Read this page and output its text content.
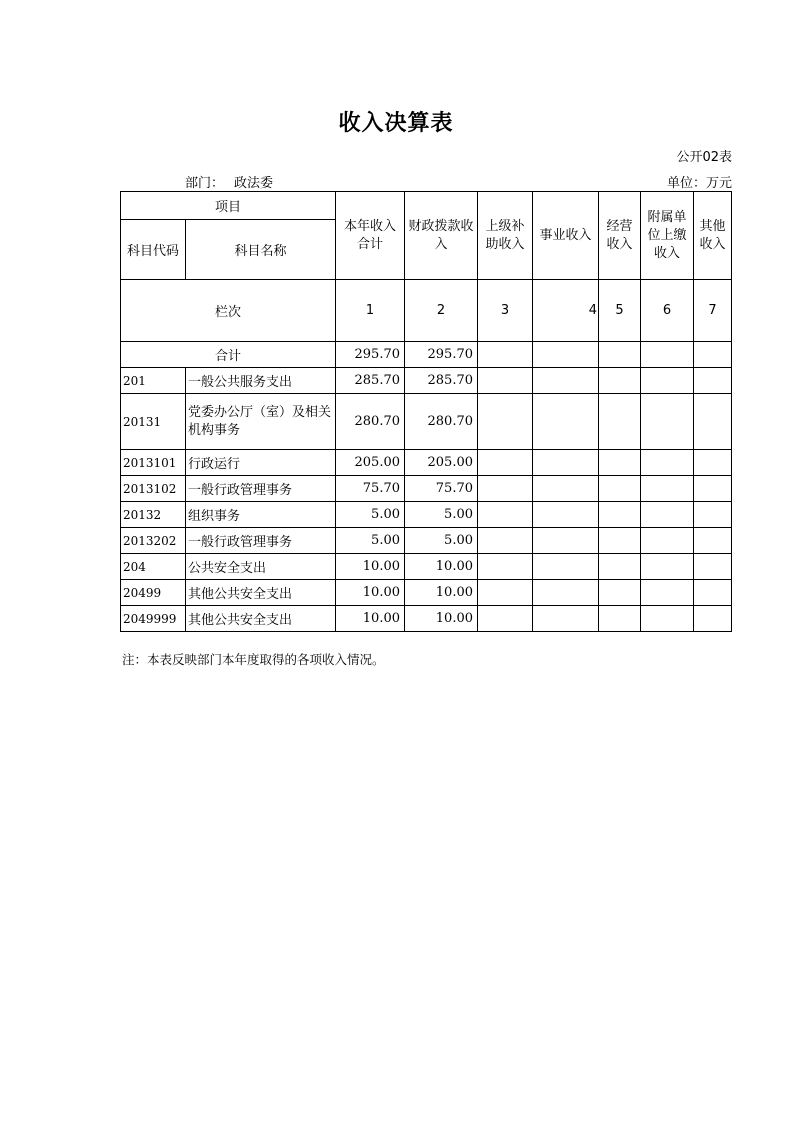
收入决算表
公开02表
部门： 政法委	单位：万元
项目		本年收入合计	财政拨款收入	上级补助收入	事业收入	经营收入	附属单位上缴收入	其他收入
科目代码	科目名称							
栏次		1	2	3	4	5	6	7
合计		295.70	295.70					
201	一般公共服务支出	285.70	285.70					
20131	党委办公厅（室）及相关机构事务	280.70	280.70					
2013101	行政运行	205.00	205.00					
2013102	一般行政管理事务	75.70	75.70					
20132	组织事务	5.00	5.00					
2013202	一般行政管理事务	5.00	5.00					
204	公共安全支出	10.00	10.00					
20499	其他公共安全支出	10.00	10.00					
2049999	其他公共安全支出	10.00	10.00					
注：本表反映部门本年度取得的各项收入情况。
